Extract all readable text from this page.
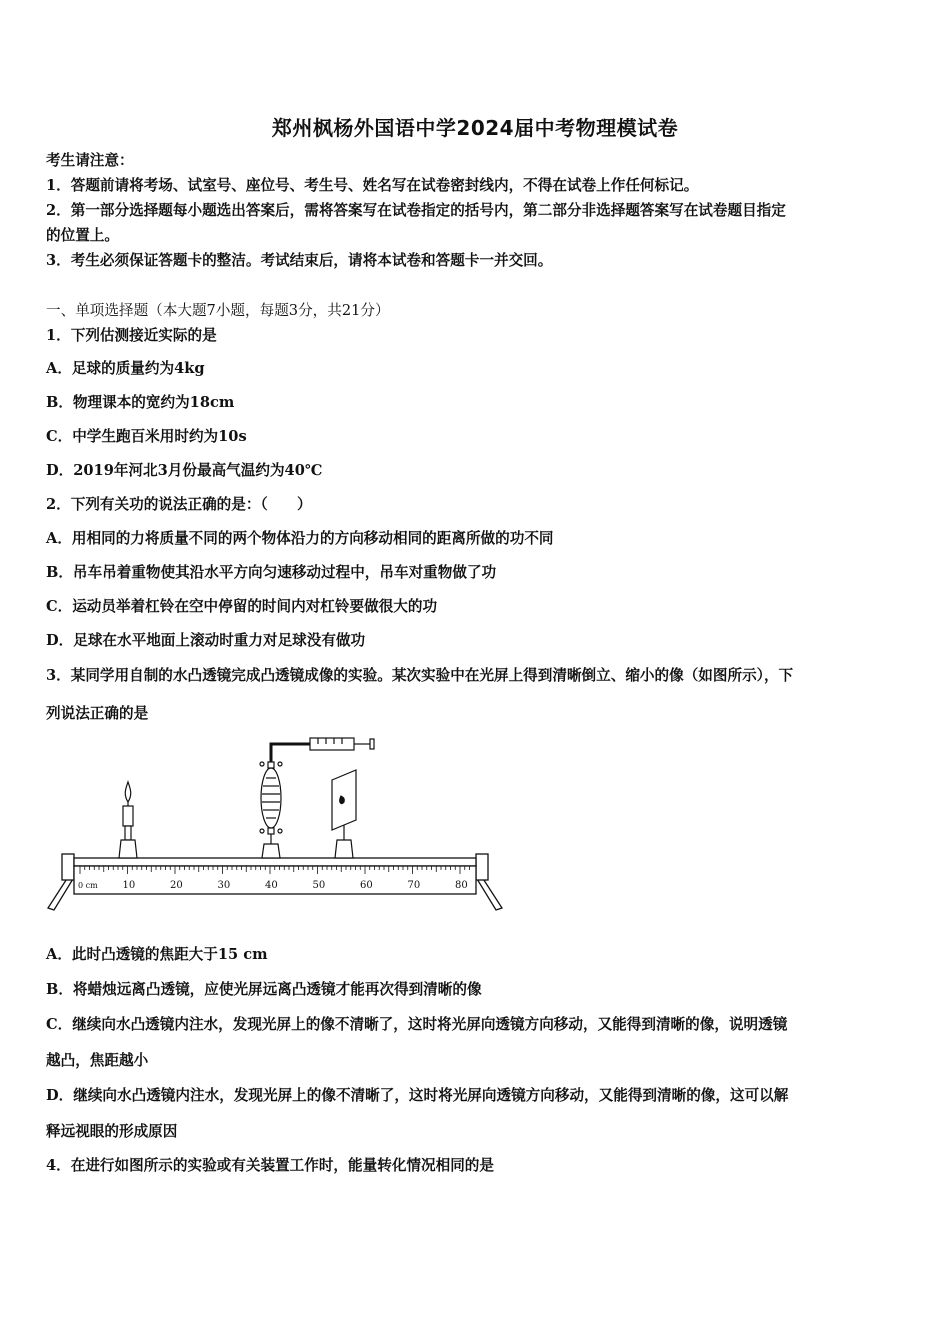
郑州枫杨外国语中学2024届中考物理模试卷
考生请注意：
1．答题前请将考场、试室号、座位号、考生号、姓名写在试卷密封线内，不得在试卷上作任何标记。
2．第一部分选择题每小题选出答案后，需将答案写在试卷指定的括号内，第二部分非选择题答案写在试卷题目指定
的位置上。
3．考生必须保证答题卡的整洁。考试结束后，请将本试卷和答题卡一并交回。
一、单项选择题（本大题7小题，每题3分，共21分）
1．下列估测接近实际的是
A．足球的质量约为4kg
B．物理课本的宽约为18cm
C．中学生跑百米用时约为10s
D．2019年河北3月份最高气温约为40℃
2．下列有关功的说法正确的是：（　　）
A．用相同的力将质量不同的两个物体沿力的方向移动相同的距离所做的功不同
B．吊车吊着重物使其沿水平方向匀速移动过程中，吊车对重物做了功
C．运动员举着杠铃在空中停留的时间内对杠铃要做很大的功
D．足球在水平地面上滚动时重力对足球没有做功
3．某同学用自制的水凸透镜完成凸透镜成像的实验。某次实验中在光屏上得到清晰倒立、缩小的像（如图所示），下
列说法正确的是
0 cm 10	20	30	40	50	60	70	80
A．此时凸透镜的焦距大于15 cm
B．将蜡烛远离凸透镜，应使光屏远离凸透镜才能再次得到清晰的像
C．继续向水凸透镜内注水，发现光屏上的像不清晰了，这时将光屏向透镜方向移动，又能得到清晰的像，说明透镜
越凸，焦距越小
D．继续向水凸透镜内注水，发现光屏上的像不清晰了，这时将光屏向透镜方向移动，又能得到清晰的像，这可以解
释远视眼的形成原因
4．在进行如图所示的实验或有关装置工作时，能量转化情况相同的是
